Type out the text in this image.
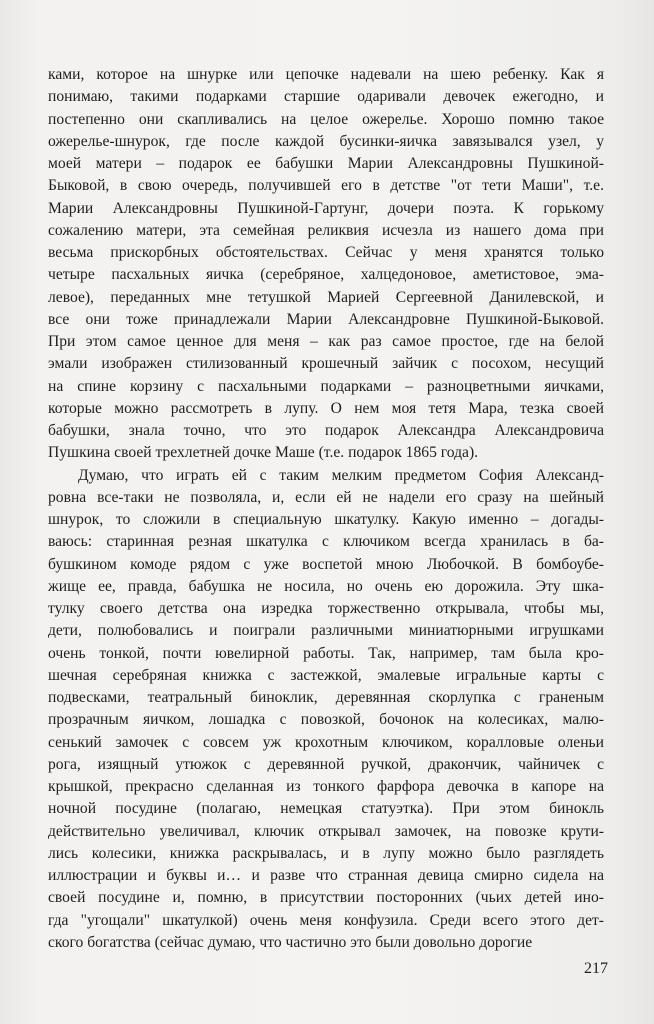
ками, которое на шнурке или цепочке надевали на шею ребенку. Как я
понимаю, такими подарками старшие одаривали девочек ежегодно, и
постепенно они скапливались на целое ожерелье. Хорошо помню такое
ожерелье-шнурок, где после каждой бусинки-яичка завязывался узел, у
моей матери – подарок ее бабушки Марии Александровны Пушкиной-
Быковой, в свою очередь, получившей его в детстве "от тети Маши", т.е.
Марии Александровны Пушкиной-Гартунг, дочери поэта. К горькому
сожалению матери, эта семейная реликвия исчезла из нашего дома при
весьма прискорбных обстоятельствах. Сейчас у меня хранятся только
четыре пасхальных яичка (серебряное, халцедоновое, аметистовое, эма-
левое), переданных мне тетушкой Марией Сергеевной Данилевской, и
все они тоже принадлежали Марии Александровне Пушкиной-Быковой.
При этом самое ценное для меня – как раз самое простое, где на белой
эмали изображен стилизованный крошечный зайчик с посохом, несущий
на спине корзину с пасхальными подарками – разноцветными яичками,
которые можно рассмотреть в лупу. О нем моя тетя Мара, тезка своей
бабушки, знала точно, что это подарок Александра Александровича
Пушкина своей трехлетней дочке Маше (т.е. подарок 1865 года).
Думаю, что играть ей с таким мелким предметом София Александ-
ровна все-таки не позволяла, и, если ей не надели его сразу на шейный
шнурок, то сложили в специальную шкатулку. Какую именно – догады-
ваюсь: старинная резная шкатулка с ключиком всегда хранилась в ба-
бушкином комоде рядом с уже воспетой мною Любочкой. В бомбоубе-
жище ее, правда, бабушка не носила, но очень ею дорожила. Эту шка-
тулку своего детства она изредка торжественно открывала, чтобы мы,
дети, полюбовались и поиграли различными миниатюрными игрушками
очень тонкой, почти ювелирной работы. Так, например, там была кро-
шечная серебряная книжка с застежкой, эмалевые игральные карты с
подвесками, театральный биноклик, деревянная скорлупка с граненым
прозрачным яичком, лошадка с повозкой, бочонок на колесиках, малю-
сенький замочек с совсем уж крохотным ключиком, коралловые оленьи
рога, изящный утюжок с деревянной ручкой, дракончик, чайничек с
крышкой, прекрасно сделанная из тонкого фарфора девочка в капоре на
ночной посудине (полагаю, немецкая статуэтка). При этом бинокль
действительно увеличивал, ключик открывал замочек, на повозке крути-
лись колесики, книжка раскрывалась, и в лупу можно было разглядеть
иллюстрации и буквы и… и разве что странная девица смирно сидела на
своей посудине и, помню, в присутствии посторонних (чьих детей ино-
гда "угощали" шкатулкой) очень меня конфузила. Среди всего этого дет-
ского богатства (сейчас думаю, что частично это были довольно дорогие
217
